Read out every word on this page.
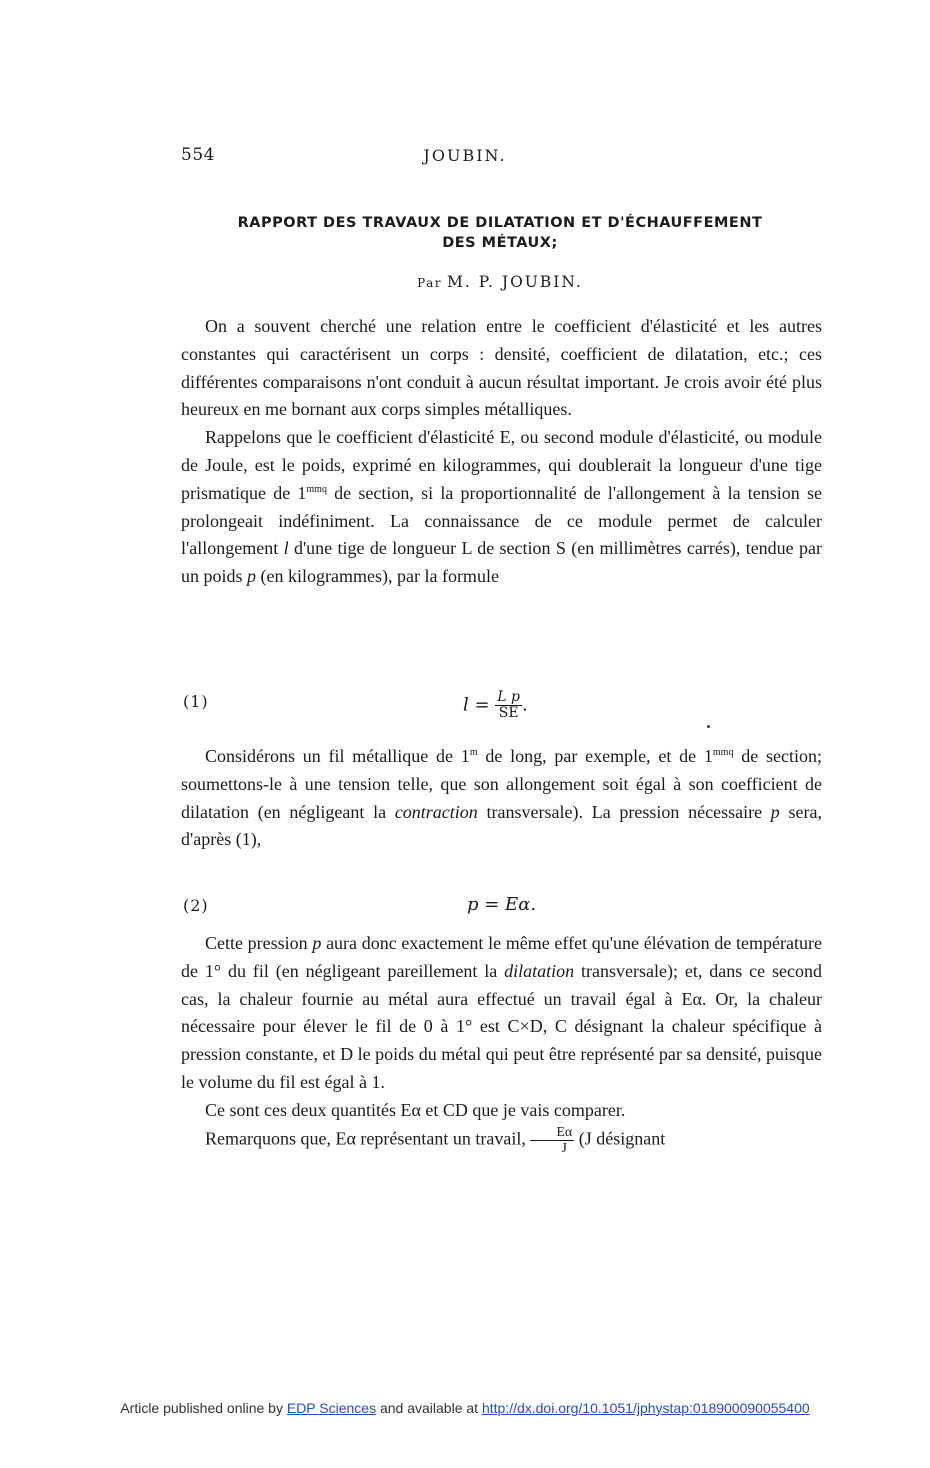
554	JOUBIN.
RAPPORT DES TRAVAUX DE DILATATION ET D'ÉCHAUFFEMENT
DES MÉTAUX;
Par M. P. JOUBIN.

On a souvent cherché une relation entre le coefficient d'élasticité et les autres constantes qui caractérisent un corps : densité, coefficient de dilatation, etc.; ces différentes comparaisons n'ont conduit à aucun résultat important. Je crois avoir été plus heureux en me bornant aux corps simples métalliques.

Rappelons que le coefficient d'élasticité E, ou second module d'élasticité, ou module de Joule, est le poids, exprimé en kilogrammes, qui doublerait la longueur d'une tige prismatique de $1^{mmq}$ de section, si la proportionnalité de l'allongement à la tension se prolongeait indéfiniment. La connaissance de ce module permet de calculer l'allongement l d'une tige de longueur L de section S (en millimètres carrés), tendue par un poids p (en kilogrammes), par la formule

(1)	$l = \frac{\text{L p}}{SE}$ .

Considérons un fil métallique de 1$^m$ de long, par exemple, et de $1^{mmq}$ de section; soumettons-le à une tension telle, que son allongement soit égal à son coefficient de dilatation (en négligeant la contraction transversale). La pression nécessaire p sera, d'après (1),

(2)	p = Eα.

Cette pression p aura donc exactement le même effet qu'une élévation de température de 1° du fil (en négligeant pareillement la dilatation transversale); et, dans ce second cas, la chaleur fournie au métal aura effectué un travail égal à Eα. Or, la chaleur nécessaire pour élever le fil de 0 à 1° est C×D, C désignant la chaleur spécifique à pression constante, et D le poids du métal qui peut être représenté par sa densité, puisque le volume du fil est égal à 1.

Ce sont ces deux quantités Eα et CD que je vais comparer.

Remarquons que, Eα représentant un travail, $\frac{E\alpha}{J} (J$ désignant

Article published online by EDP Sciences and available at http://dx.doi.org/10.1051/jphystap:018900090055400
